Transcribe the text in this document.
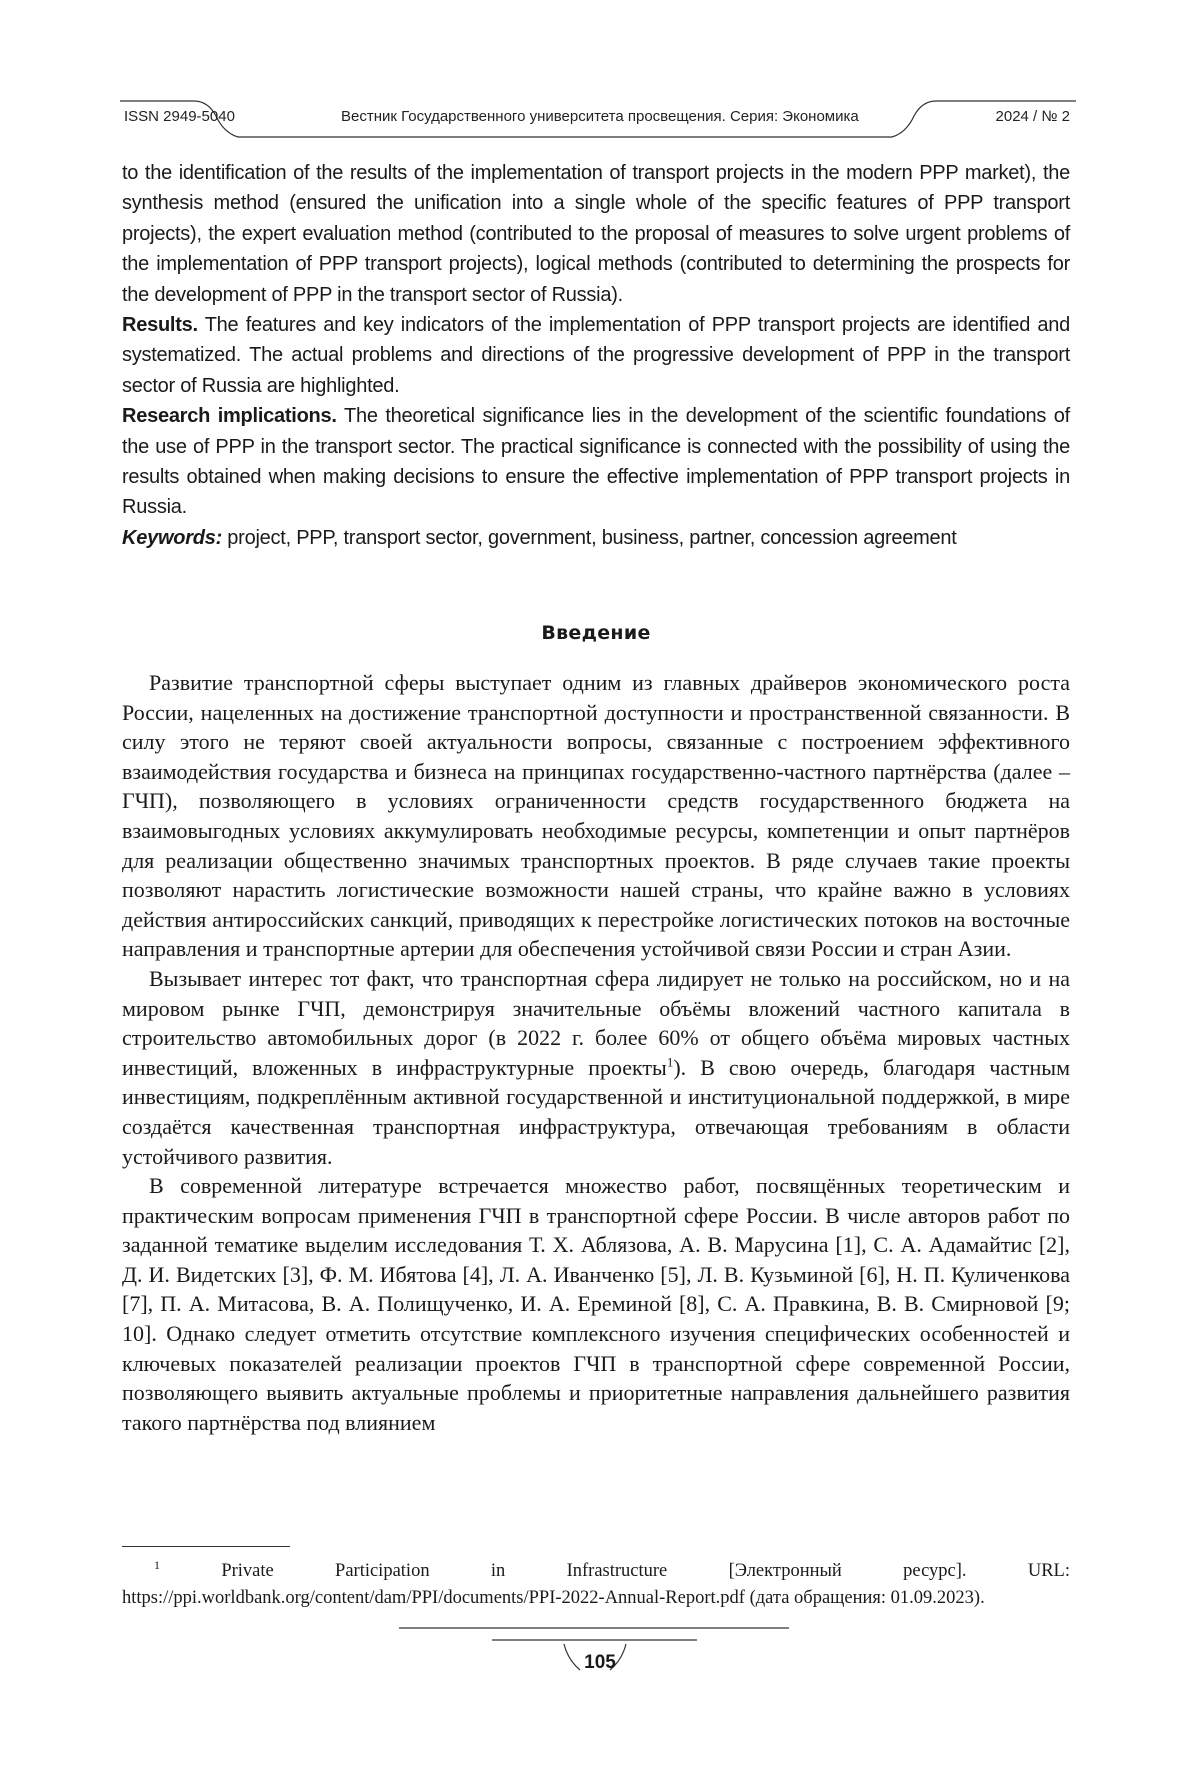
ISSN 2949-5040	Вестник Государственного университета просвещения. Серия: Экономика	2024 / № 2

to the identification of the results of the implementation of transport projects in the modern PPP market), the synthesis method (ensured the unification into a single whole of the specific features of PPP transport projects), the expert evaluation method (contributed to the proposal of measures to solve urgent problems of the implementation of PPP transport projects), logical methods (contributed to determining the prospects for the development of PPP in the transport sector of Russia).

Results. The features and key indicators of the implementation of PPP transport projects are identified and systematized. The actual problems and directions of the progressive development of PPP in the transport sector of Russia are highlighted.

Research implications. The theoretical significance lies in the development of the scientific foundations of the use of PPP in the transport sector. The practical significance is connected with the possibility of using the results obtained when making decisions to ensure the effective implementation of PPP transport projects in Russia.

Keywords: project, PPP, transport sector, government, business, partner, concession agreement

Введение

Развитие транспортной сферы выступает одним из главных драйверов экономического роста России, нацеленных на достижение транспортной доступности и пространственной связанности. В силу этого не теряют своей актуальности вопросы, связанные с построением эффективного взаимодействия государства и бизнеса на принципах государственно-частного партнёрства (далее – ГЧП), позволяющего в условиях ограниченности средств государственного бюджета на взаимовыгодных условиях аккумулировать необходимые ресурсы, компетенции и опыт партнёров для реализации общественно значимых транспортных проектов. В ряде случаев такие проекты позволяют нарастить логистические возможности нашей страны, что крайне важно в условиях действия антироссийских санкций, приводящих к перестройке логистических потоков на восточные направления и транспортные артерии для обеспечения устойчивой связи России и стран Азии.

Вызывает интерес тот факт, что транспортная сфера лидирует не только на российском, но и на мировом рынке ГЧП, демонстрируя значительные объёмы вложений частного капитала в строительство автомобильных дорог (в 2022 г. более 60% от общего объёма мировых частных инвестиций, вложенных в инфраструктурные проекты$^1$). В свою очередь, благодаря частным инвестициям, подкреплённым активной государственной и институциональной поддержкой, в мире создаётся качественная транспортная инфраструктура, отвечающая требованиям в области устойчивого развития.

В современной литературе встречается множество работ, посвящённых теоретическим и практическим вопросам применения ГЧП в транспортной сфере России. В числе авторов работ по заданной тематике выделим исследования Т. Х. Аблязова, А. В. Марусина [1], С. А. Адамайтис [2], Д. И. Видетских [3], Ф. М. Ибятова [4], Л. А. Иванченко [5], Л. В. Кузьминой [6], Н. П. Куличенкова [7], П. А. Митасова, В. А. Полищученко, И. А. Ереминой [8], С. А. Правкина, В. В. Смирновой [9; 10]. Однако следует отметить отсутствие комплексного изучения специфических особенностей и ключевых показателей реализации проектов ГЧП в транспортной сфере современной России, позволяющего выявить актуальные проблемы и приоритетные направления дальнейшего развития такого партнёрства под влиянием

$^1$ Private Participation in Infrastructure [Электронный ресурс]. URL: https://ppi.worldbank.org/content/dam/PPI/documents/PPI-2022-Annual-Report.pdf (дата обращения: 01.09.2023).

105
